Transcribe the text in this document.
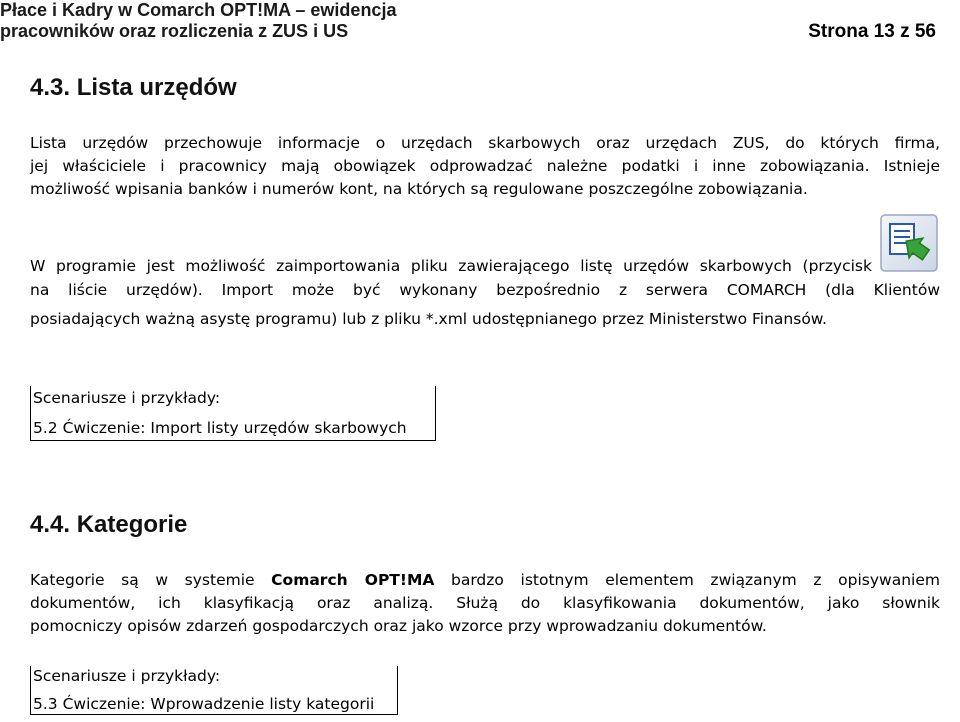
Płace i Kadry w Comarch OPT!MA – ewidencja
pracowników oraz rozliczenia z ZUS i US	Strona 13 z 56
4.3. Lista urzędów
Lista urzędów przechowuje informacje o urzędach skarbowych oraz urzędach ZUS, do których firma,
jej właściciele i pracownicy mają obowiązek odprowadzać należne podatki i inne zobowiązania. Istnieje
możliwość wpisania banków i numerów kont, na których są regulowane poszczególne zobowiązania.
W programie jest możliwość zaimportowania pliku zawierającego listę urzędów skarbowych (przycisk
na liście urzędów). Import może być wykonany bezpośrednio z serwera COMARCH (dla Klientów
posiadających ważną asystę programu) lub z pliku *.xml udostępnianego przez Ministerstwo Finansów.
Scenariusze i przykłady:
5.2 Ćwiczenie: Import listy urzędów skarbowych
4.4. Kategorie
Kategorie są w systemie Comarch OPT!MA bardzo istotnym elementem związanym z opisywaniem
dokumentów, ich klasyfikacją oraz analizą. Służą do klasyfikowania dokumentów, jako słownik
pomocniczy opisów zdarzeń gospodarczych oraz jako wzorce przy wprowadzaniu dokumentów.
Scenariusze i przykłady:
5.3 Ćwiczenie: Wprowadzenie listy kategorii
